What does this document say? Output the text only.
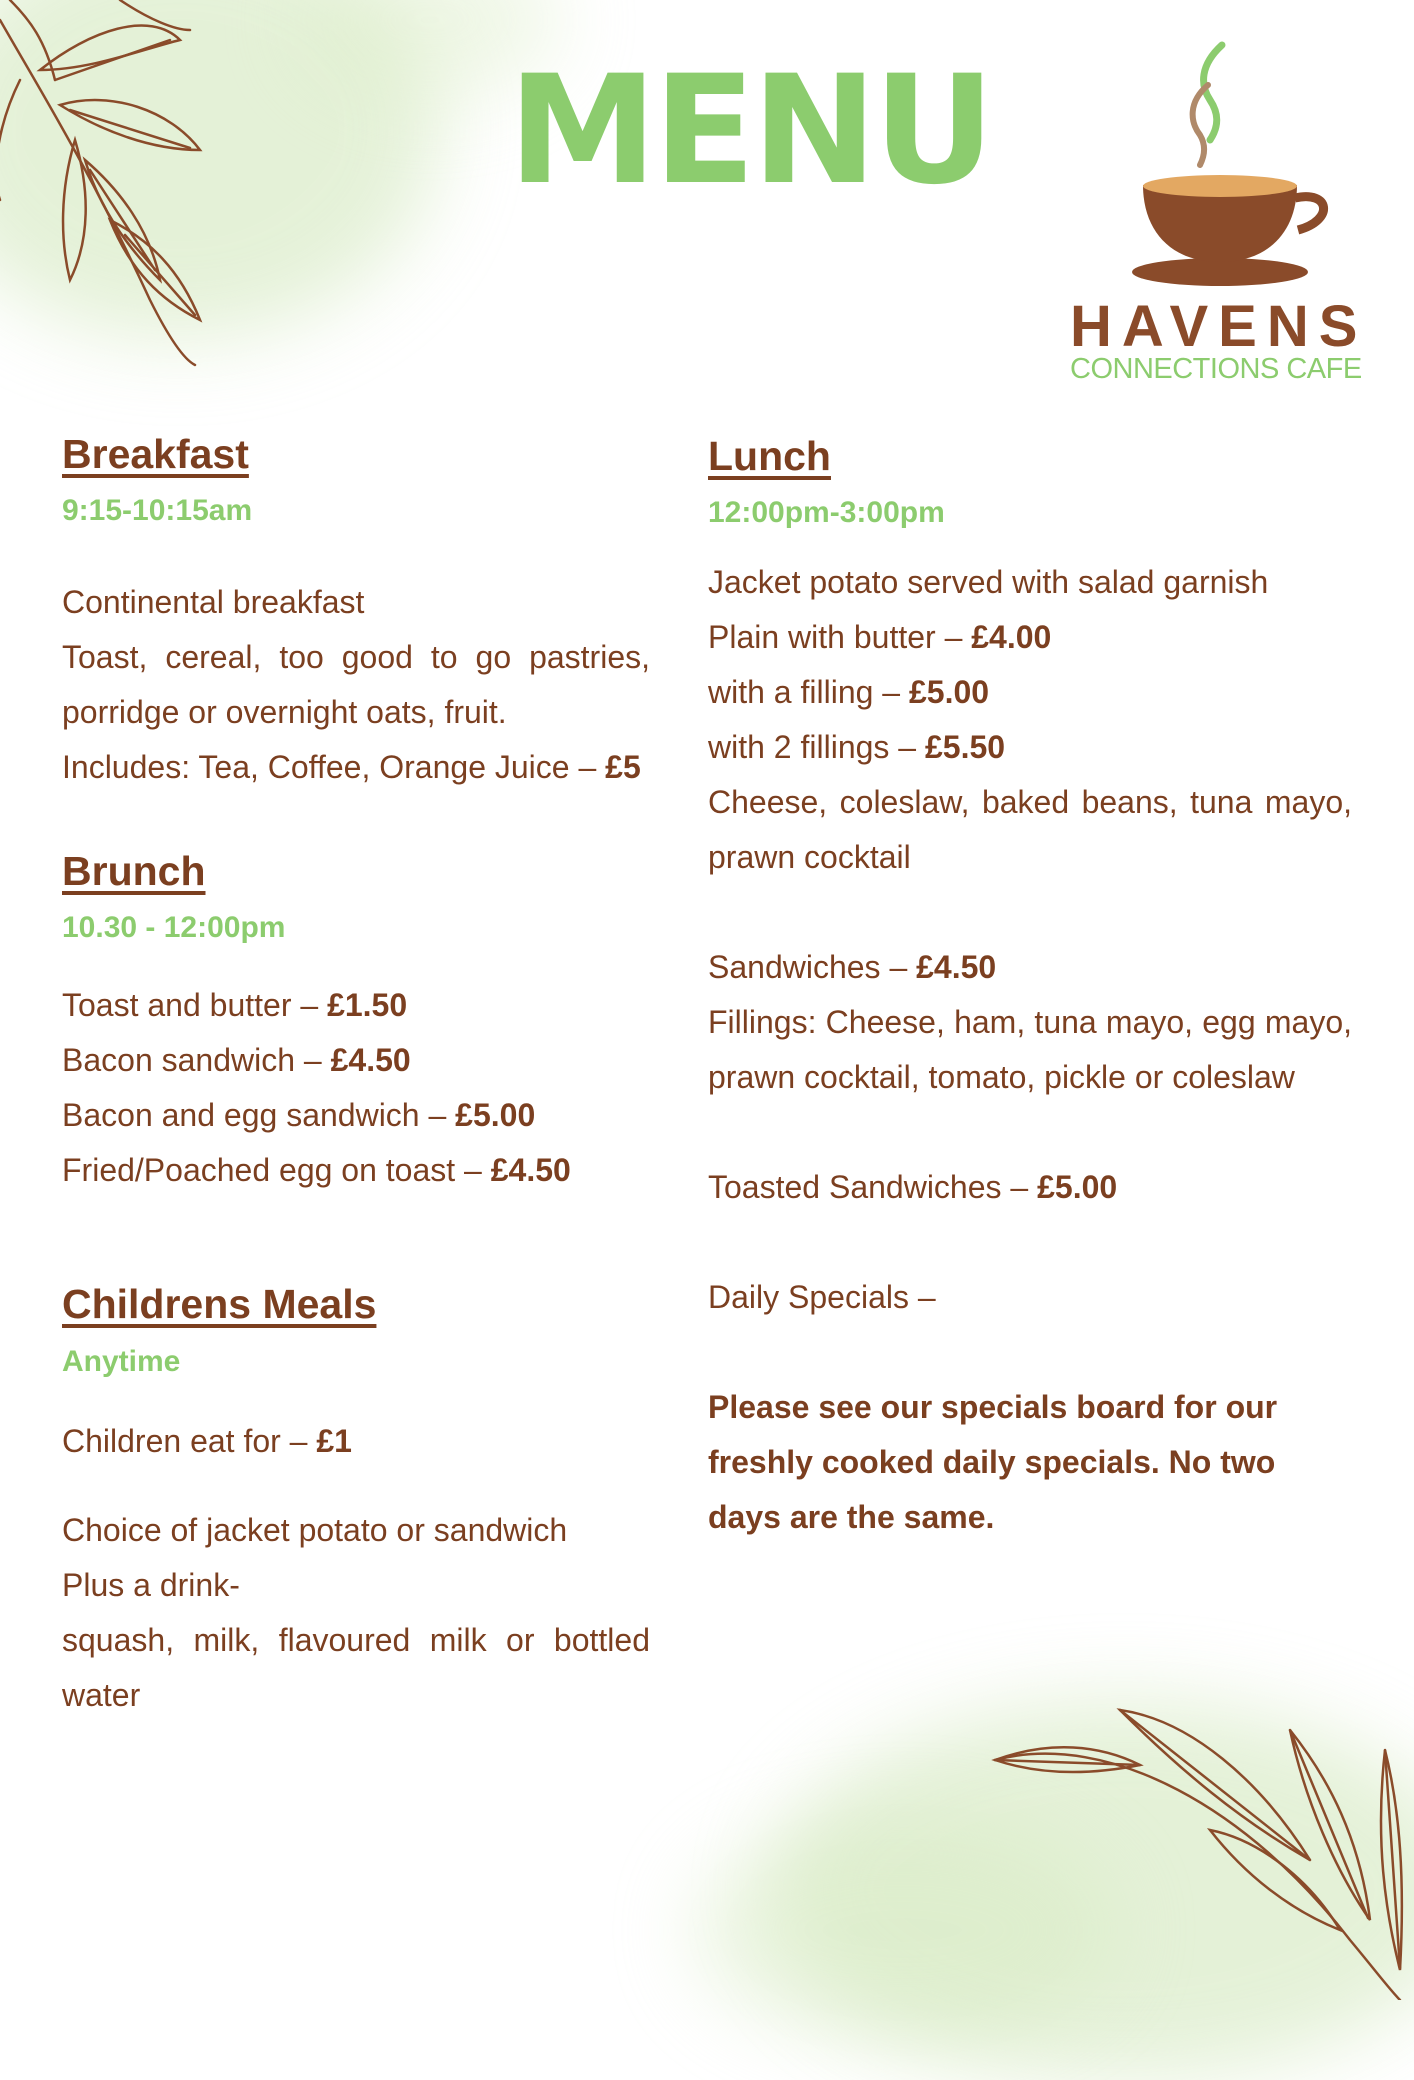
MENU
HAVENS
CONNECTIONS CAFE
Breakfast

9:15-10:15am

Continental breakfast

Toast, cereal, too good to go pastries, porridge or overnight oats, fruit.

Includes: Tea, Coffee, Orange Juice – £5

Brunch

10.30 - 12:00pm

Toast and butter – £1.50

Bacon sandwich – £4.50

Bacon and egg sandwich – £5.00

Fried/Poached egg on toast – £4.50

Childrens Meals

Anytime

Children eat for – £1

Choice of jacket potato or sandwich

Plus a drink-

squash, milk, flavoured milk or bottled water

Lunch

12:00pm-3:00pm

Jacket potato served with salad garnish

Plain with butter – £4.00

with a filling – £5.00

with 2 fillings – £5.50

Cheese, coleslaw, baked beans, tuna mayo, prawn cocktail

Sandwiches – £4.50

Fillings: Cheese, ham, tuna mayo, egg mayo, prawn cocktail, tomato, pickle or coleslaw

Toasted Sandwiches – £5.00

Daily Specials –

Please see our specials board for our freshly cooked daily specials. No two days are the same.
